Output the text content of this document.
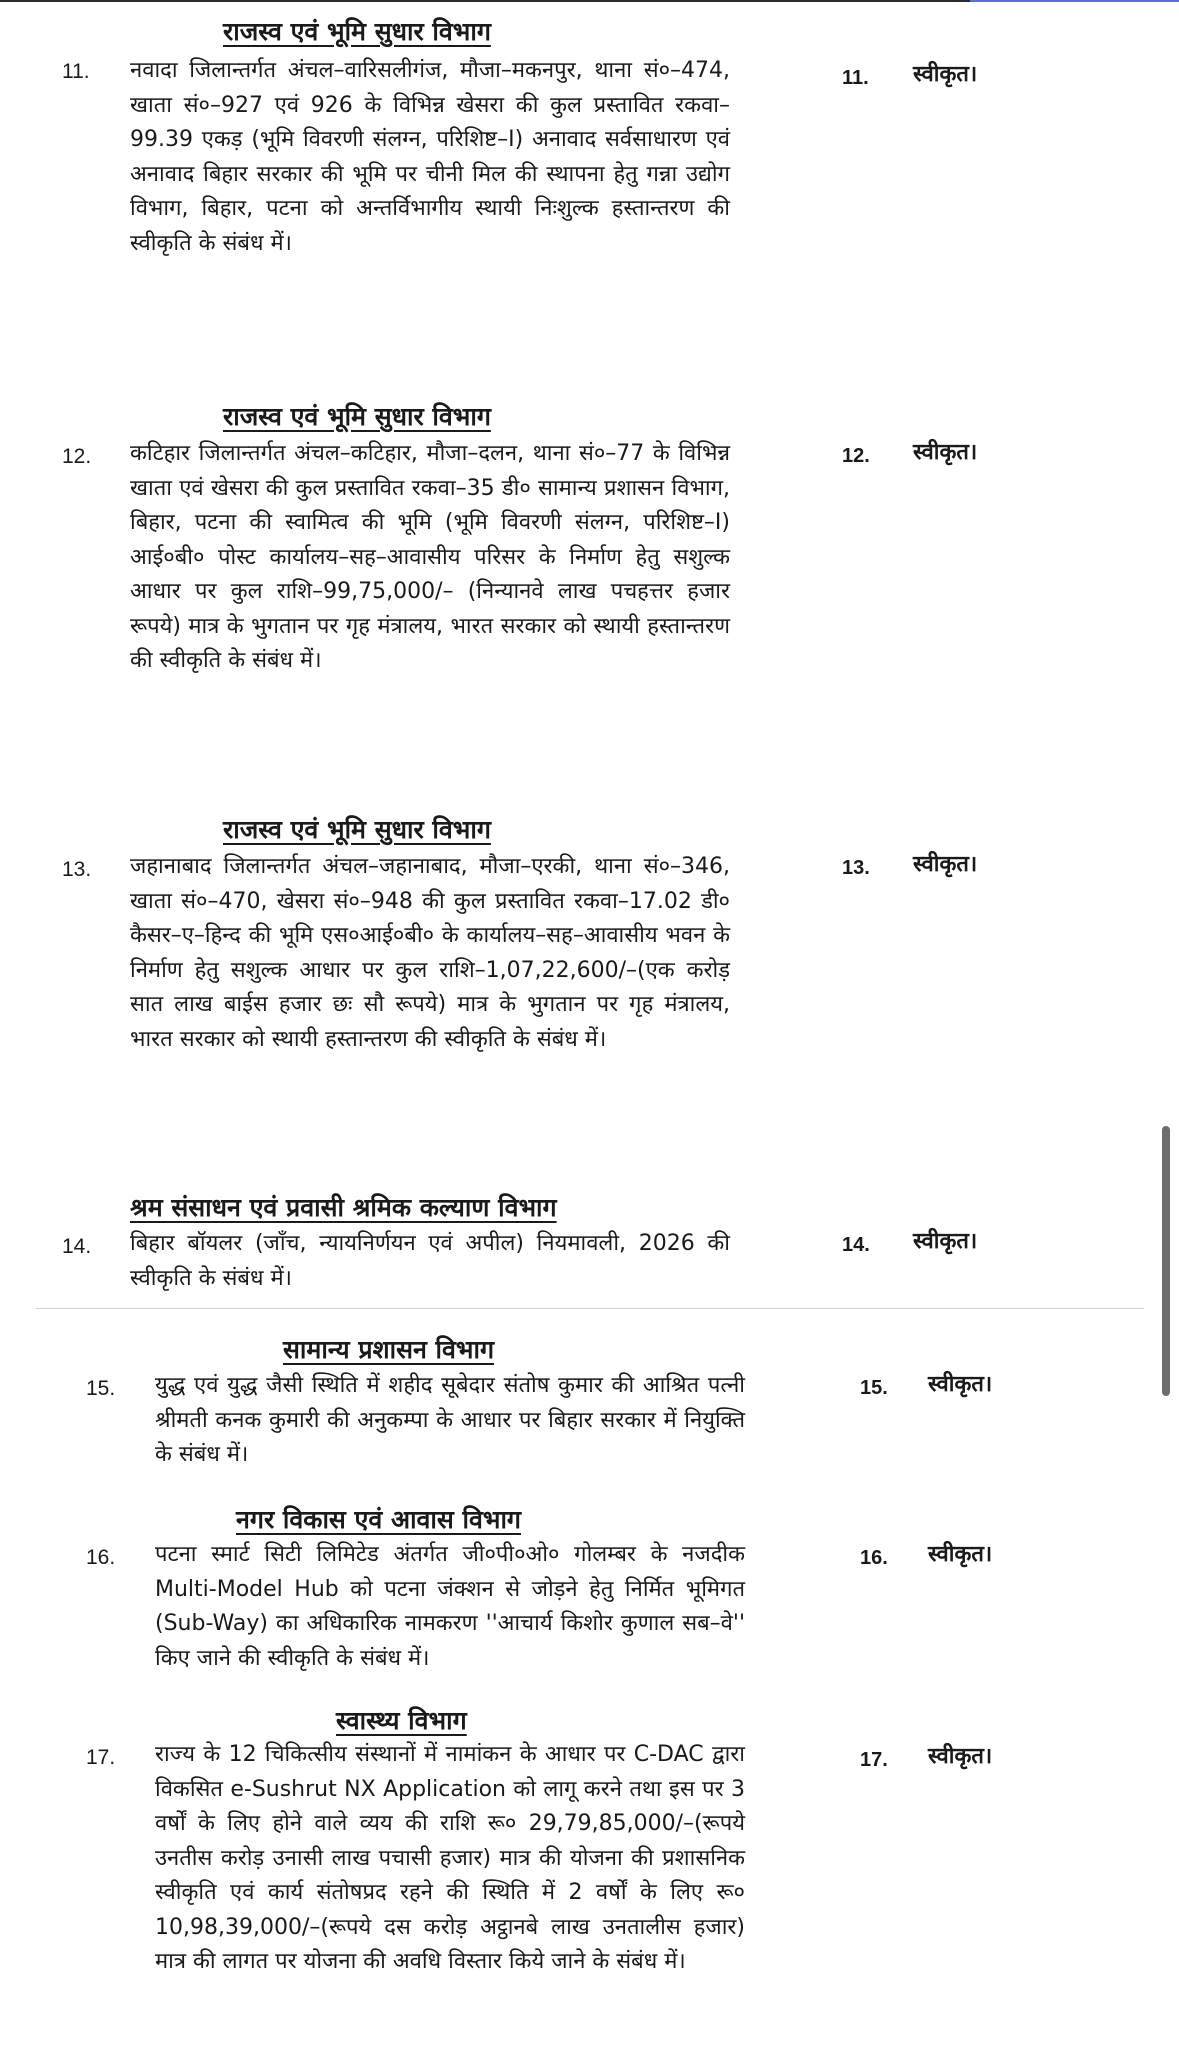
राजस्व एवं भूमि सुधार विभाग
11. नवादा जिलान्तर्गत अंचल–वारिसलीगंज, मौजा–मकनपुर, थाना सं०–474, खाता सं०–927 एवं 926 के विभिन्न खेसरा की कुल प्रस्तावित रकवा–99.39 एकड़ (भूमि विवरणी संलग्न, परिशिष्ट–I) अनावाद सर्वसाधारण एवं अनावाद बिहार सरकार की भूमि पर चीनी मिल की स्थापना हेतु गन्ना उद्योग विभाग, बिहार, पटना को अन्तर्विभागीय स्थायी निःशुल्क हस्तान्तरण की स्वीकृति के संबंध में।
11. स्वीकृत।
राजस्व एवं भूमि सुधार विभाग
12. कटिहार जिलान्तर्गत अंचल–कटिहार, मौजा–दलन, थाना सं०–77 के विभिन्न खाता एवं खेसरा की कुल प्रस्तावित रकवा–35 डी० सामान्य प्रशासन विभाग, बिहार, पटना की स्वामित्व की भूमि (भूमि विवरणी संलग्न, परिशिष्ट–I) आई०बी० पोस्ट कार्यालय–सह–आवासीय परिसर के निर्माण हेतु सशुल्क आधार पर कुल राशि–99,75,000/– (निन्यानवे लाख पचहत्तर हजार रूपये) मात्र के भुगतान पर गृह मंत्रालय, भारत सरकार को स्थायी हस्तान्तरण की स्वीकृति के संबंध में।
12. स्वीकृत।
राजस्व एवं भूमि सुधार विभाग
13. जहानाबाद जिलान्तर्गत अंचल–जहानाबाद, मौजा–एरकी, थाना सं०–346, खाता सं०–470, खेसरा सं०–948 की कुल प्रस्तावित रकवा–17.02 डी० कैसर–ए–हिन्द की भूमि एस०आई०बी० के कार्यालय–सह–आवासीय भवन के निर्माण हेतु सशुल्क आधार पर कुल राशि–1,07,22,600/–(एक करोड़ सात लाख बाईस हजार छः सौ रूपये) मात्र के भुगतान पर गृह मंत्रालय, भारत सरकार को स्थायी हस्तान्तरण की स्वीकृति के संबंध में।
13. स्वीकृत।
श्रम संसाधन एवं प्रवासी श्रमिक कल्याण विभाग
14. बिहार बॉयलर (जाँच, न्यायनिर्णयन एवं अपील) नियमावली, 2026 की स्वीकृति के संबंध में।
14. स्वीकृत।
सामान्य प्रशासन विभाग
15. युद्ध एवं युद्ध जैसी स्थिति में शहीद सूबेदार संतोष कुमार की आश्रित पत्नी श्रीमती कनक कुमारी की अनुकम्पा के आधार पर बिहार सरकार में नियुक्ति के संबंध में।
15. स्वीकृत।
नगर विकास एवं आवास विभाग
16. पटना स्मार्ट सिटी लिमिटेड अंतर्गत जी०पी०ओ० गोलम्बर के नजदीक Multi-Model Hub को पटना जंक्शन से जोड़ने हेतु निर्मित भूमिगत (Sub-Way) का अधिकारिक नामकरण ''आचार्य किशोर कुणाल सब–वे'' किए जाने की स्वीकृति के संबंध में।
16. स्वीकृत।
स्वास्थ्य विभाग
17. राज्य के 12 चिकित्सीय संस्थानों में नामांकन के आधार पर C-DAC द्वारा विकसित e-Sushrut NX Application को लागू करने तथा इस पर 3 वर्षों के लिए होने वाले व्यय की राशि रू० 29,79,85,000/–(रूपये उनतीस करोड़ उनासी लाख पचासी हजार) मात्र की योजना की प्रशासनिक स्वीकृति एवं कार्य संतोषप्रद रहने की स्थिति में 2 वर्षों के लिए रू० 10,98,39,000/–(रूपये दस करोड़ अट्ठानबे लाख उनतालीस हजार) मात्र की लागत पर योजना की अवधि विस्तार किये जाने के संबंध में।
17. स्वीकृत।
